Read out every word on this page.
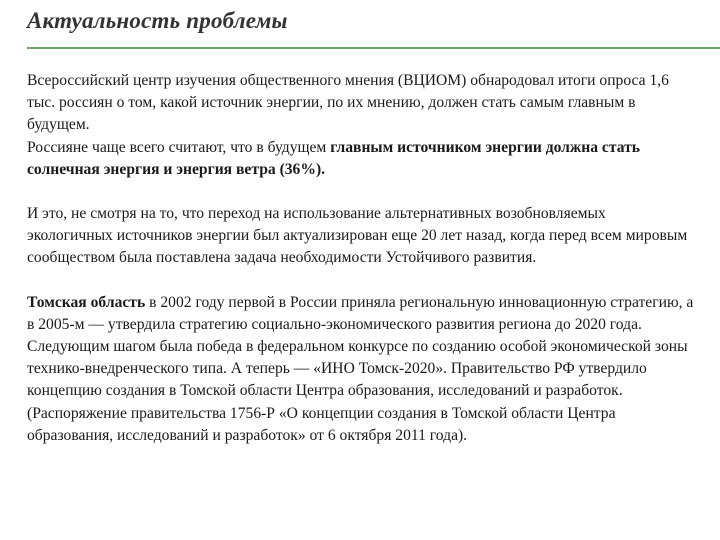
Актуальность проблемы

Всероссийский центр изучения общественного мнения (ВЦИОМ) обнародовал итоги опроса 1,6 тыс. россиян о том, какой источник энергии, по их мнению, должен стать самым главным в будущем.

Россияне чаще всего считают, что в будущем главным источником энергии должна стать солнечная энергия и энергия ветра (36%).

И это, не смотря на то, что переход на использование альтернативных возобновляемых экологичных источников энергии был актуализирован еще 20 лет назад, когда перед всем мировым сообществом была поставлена задача необходимости Устойчивого развития.

Томская область в 2002 году первой в России приняла региональную инновационную стратегию, а в 2005-м — утвердила стратегию социально-экономического развития региона до 2020 года. Следующим шагом была победа в федеральном конкурсе по созданию особой экономической зоны технико-внедренческого типа. А теперь — «ИНО Томск-2020». Правительство РФ утвердило концепцию создания в Томской области Центра образования, исследований и разработок. (Распоряжение правительства 1756-Р «О концепции создания в Томской области Центра образования, исследований и разработок» от 6 октября 2011 года).
